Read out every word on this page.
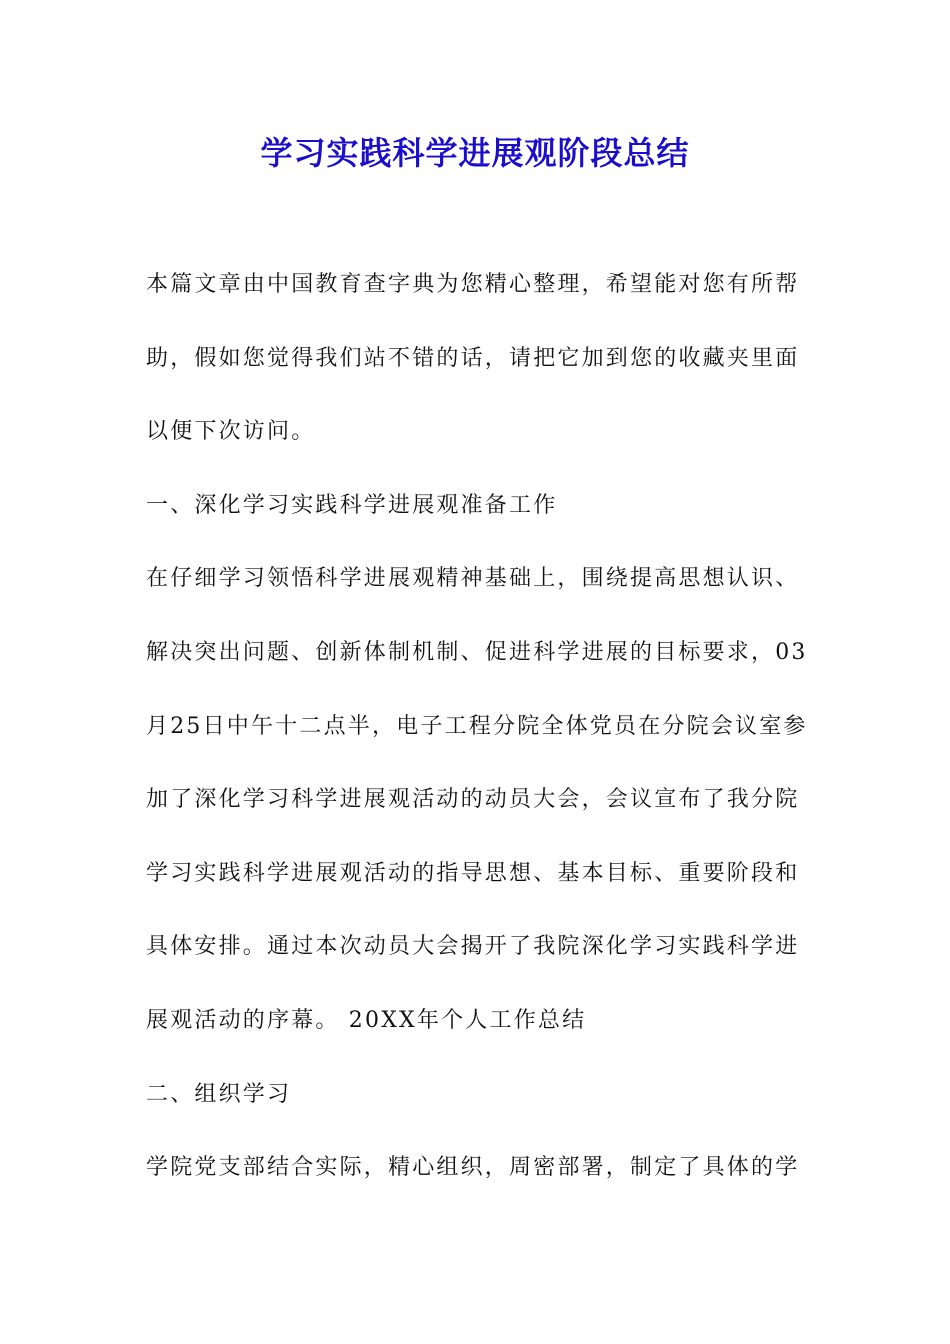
学习实践科学进展观阶段总结
本篇文章由中国教育查字典为您精心整理，希望能对您有所帮
助，假如您觉得我们站不错的话，请把它加到您的收藏夹里面
以便下次访问。
一、深化学习实践科学进展观准备工作
在仔细学习领悟科学进展观精神基础上，围绕提高思想认识、
解决突出问题、创新体制机制、促进科学进展的目标要求，03
月25日中午十二点半，电子工程分院全体党员在分院会议室参
加了深化学习科学进展观活动的动员大会，会议宣布了我分院
学习实践科学进展观活动的指导思想、基本目标、重要阶段和
具体安排。通过本次动员大会揭开了我院深化学习实践科学进
展观活动的序幕。 20XX年个人工作总结
二、组织学习
学院党支部结合实际，精心组织，周密部署，制定了具体的学
